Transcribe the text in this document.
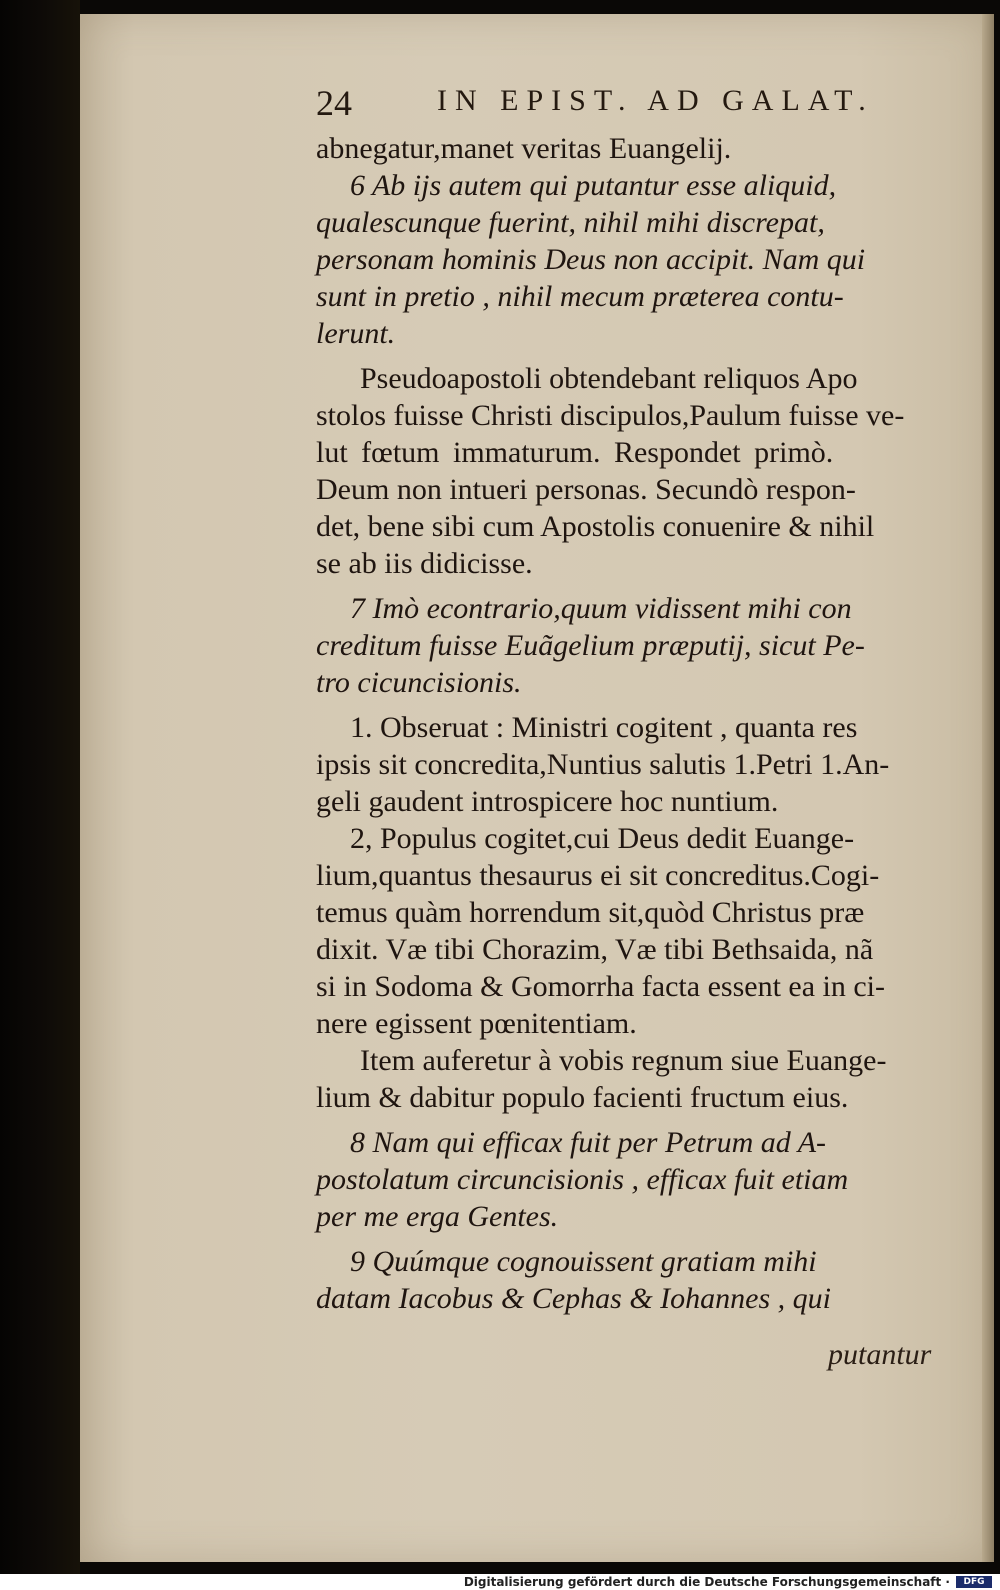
24	IN EPIST. AD GALAT.
abnegatur,manet veritas Euangelij.
6 Ab ijs autem qui putantur esse aliquid,
qualescunque fuerint, nihil mihi discrepat,
personam hominis Deus non accipit. Nam qui
sunt in pretio , nihil mecum præterea contu-
lerunt.
Pseudoapostoli obtendebant reliquos Apo
stolos fuisse Christi discipulos,Paulum fuisse ve-
lut fœtum immaturum. Respondet primò.
Deum non intueri personas. Secundò respon-
det, bene sibi cum Apostolis conuenire & nihil
se ab iis didicisse.
7 Imò econtrario,quum vidissent mihi con
creditum fuisse Euãgelium præputij, sicut Pe-
tro cicuncisionis.
1. Obseruat : Ministri cogitent , quanta res
ipsis sit concredita,Nuntius salutis 1.Petri 1.An-
geli gaudent introspicere hoc nuntium.
2, Populus cogitet,cui Deus dedit Euange-
lium,quantus thesaurus ei sit concreditus.Cogi-
temus quàm horrendum sit,quòd Christus præ
dixit. Væ tibi Chorazim, Væ tibi Bethsaida, nã
si in Sodoma & Gomorrha facta essent ea in ci-
nere egissent pœnitentiam.
Item auferetur à vobis regnum siue Euange-
lium & dabitur populo facienti fructum eius.
8 Nam qui efficax fuit per Petrum ad A-
postolatum circuncisionis , efficax fuit etiam
per me erga Gentes.
9 Quúmque cognouissent gratiam mihi
datam Iacobus & Cephas & Iohannes , qui
putantur
Digitalisierung gefördert durch die Deutsche Forschungsgemeinschaft ·	DFG
